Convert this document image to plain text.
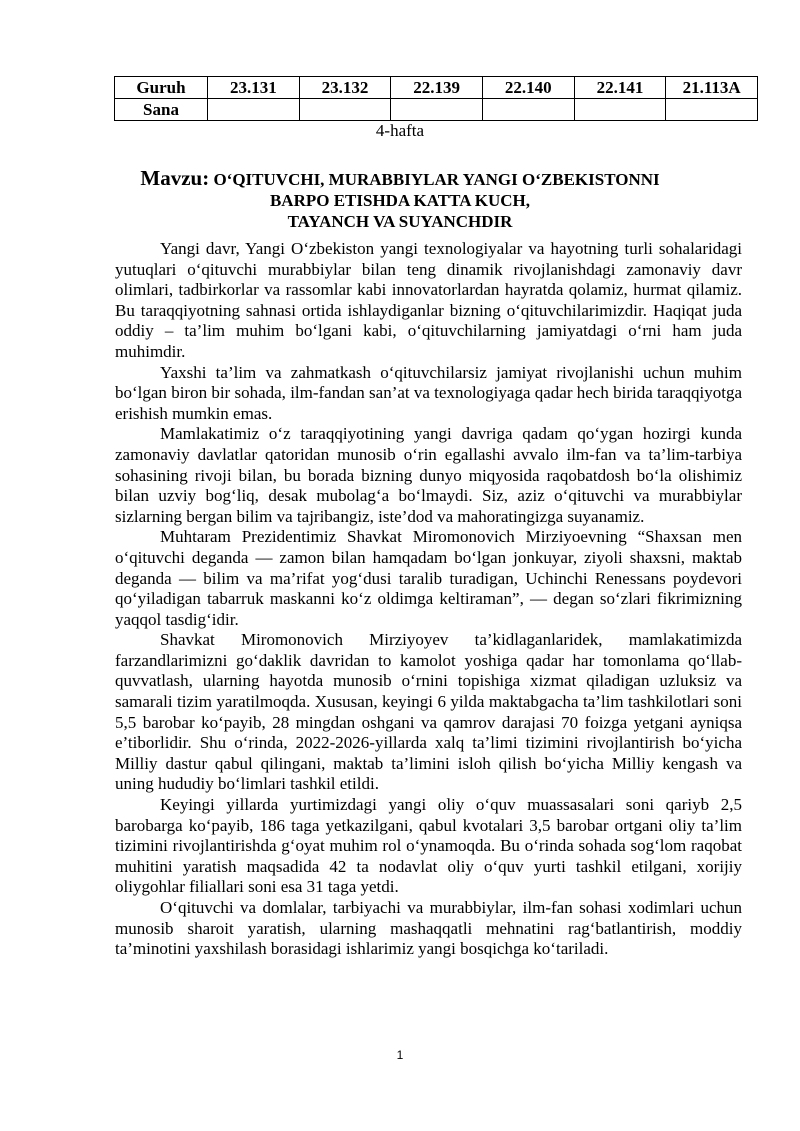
Guruh	23.131	23.132	22.139	22.140	22.141	21.113A
Sana						
4-hafta
Mavzu: O‘QITUVCHI, MURABBIYLAR YANGI O‘ZBEKISTONNI
BARPO ETISHDA KATTA KUCH,
TAYANCH VA SUYANCHDIR

Yangi davr, Yangi O‘zbekiston yangi texnologiyalar va hayotning turli sohalaridagi yutuqlari o‘qituvchi murabbiylar bilan teng dinamik rivojlanishdagi zamonaviy davr olimlari, tadbirkorlar va rassomlar kabi innovatorlardan hayratda qolamiz, hurmat qilamiz. Bu taraqqiyotning sahnasi ortida ishlaydiganlar bizning o‘qituvchilarimizdir. Haqiqat juda oddiy – ta’lim muhim bo‘lgani kabi, o‘qituvchilarning jamiyatdagi o‘rni ham juda muhimdir.

Yaxshi ta’lim va zahmatkash o‘qituvchilarsiz jamiyat rivojlanishi uchun muhim bo‘lgan biron bir sohada, ilm-fandan san’at va texnologiyaga qadar hech birida taraqqiyotga erishish mumkin emas.

Mamlakatimiz o‘z taraqqiyotining yangi davriga qadam qo‘ygan hozirgi kunda zamonaviy davlatlar qatoridan munosib o‘rin egallashi avvalo ilm-fan va ta’lim-tarbiya sohasining rivoji bilan, bu borada bizning dunyo miqyosida raqobatdosh bo‘la olishimiz bilan uzviy bog‘liq, desak mubolag‘a bo‘lmaydi. Siz, aziz o‘qituvchi va murabbiylar sizlarning bergan bilim va tajribangiz, iste’dod va mahoratingizga suyanamiz.

Muhtaram Prezidentimiz Shavkat Miromonovich Mirziyoevning “Shaxsan men o‘qituvchi deganda — zamon bilan hamqadam bo‘lgan jonkuyar, ziyoli shaxsni, maktab deganda — bilim va ma’rifat yog‘dusi taralib turadigan, Uchinchi Renessans poydevori qo‘yiladigan tabarruk maskanni ko‘z oldimga keltiraman”, — degan so‘zlari fikrimizning yaqqol tasdig‘idir.

Shavkat Miromonovich Mirziyoyev ta’kidlaganlaridek, mamlakatimizda farzandlarimizni go‘daklik davridan to kamolot yoshiga qadar har tomonlama qo‘llab-quvvatlash, ularning hayotda munosib o‘rnini topishiga xizmat qiladigan uzluksiz va samarali tizim yaratilmoqda. Xususan, keyingi 6 yilda maktabgacha ta’lim tashkilotlari soni 5,5 barobar ko‘payib, 28 mingdan oshgani va qamrov darajasi 70 foizga yetgani ayniqsa e’tiborlidir. Shu o‘rinda, 2022-2026-yillarda xalq ta’limi tizimini rivojlantirish bo‘yicha Milliy dastur qabul qilingani, maktab ta’limini isloh qilish bo‘yicha Milliy kengash va uning hududiy bo‘limlari tashkil etildi.

Keyingi yillarda yurtimizdagi yangi oliy o‘quv muassasalari soni qariyb 2,5 barobarga ko‘payib, 186 taga yetkazilgani, qabul kvotalari 3,5 barobar ortgani oliy ta’lim tizimini rivojlantirishda g‘oyat muhim rol o‘ynamoqda. Bu o‘rinda sohada sog‘lom raqobat muhitini yaratish maqsadida 42 ta nodavlat oliy o‘quv yurti tashkil etilgani, xorijiy oliygohlar filiallari soni esa 31 taga yetdi.

O‘qituvchi va domlalar, tarbiyachi va murabbiylar, ilm-fan sohasi xodimlari uchun munosib sharoit yaratish, ularning mashaqqatli mehnatini rag‘batlantirish, moddiy ta’minotini yaxshilash borasidagi ishlarimiz yangi bosqichga ko‘tariladi.

1
